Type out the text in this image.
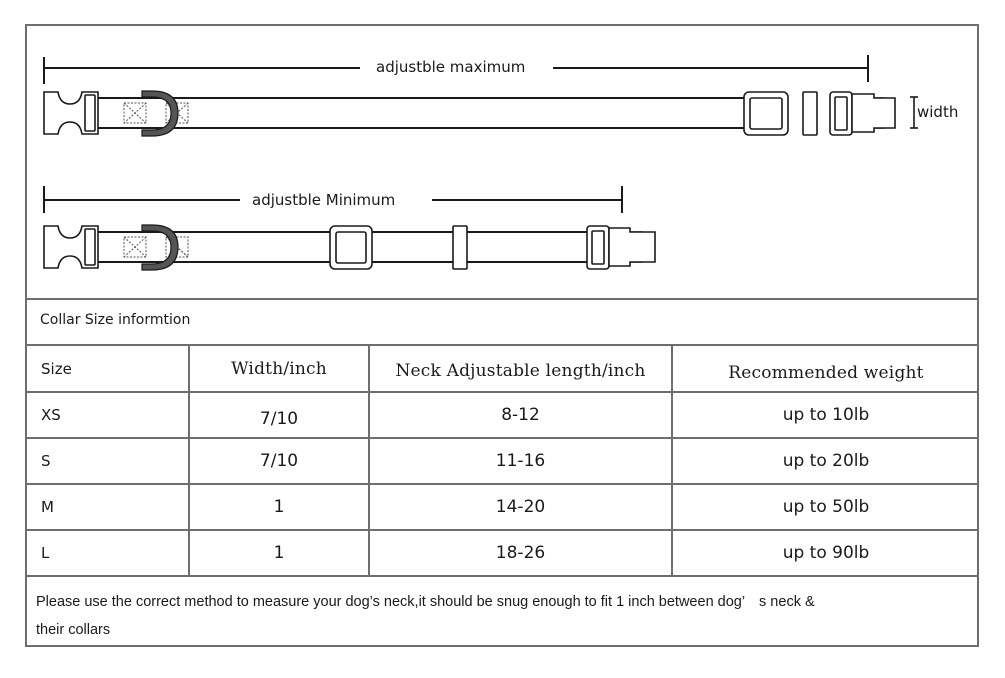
adjustble maximum
adjustble Minimum
width
Collar Size informtion
Size	Width/inch	Neck Adjustable length/inch	Recommended weight
XS	7/10	8-12	up to 10lb
S	7/10	11-16	up to 20lb
M	1	14-20	up to 50lb
L	1	18-26	up to 90lb
Please use the correct method to measure your dog’s neck,it should be snug enough to fit 1 inch between dog’　s neck &
their collars
